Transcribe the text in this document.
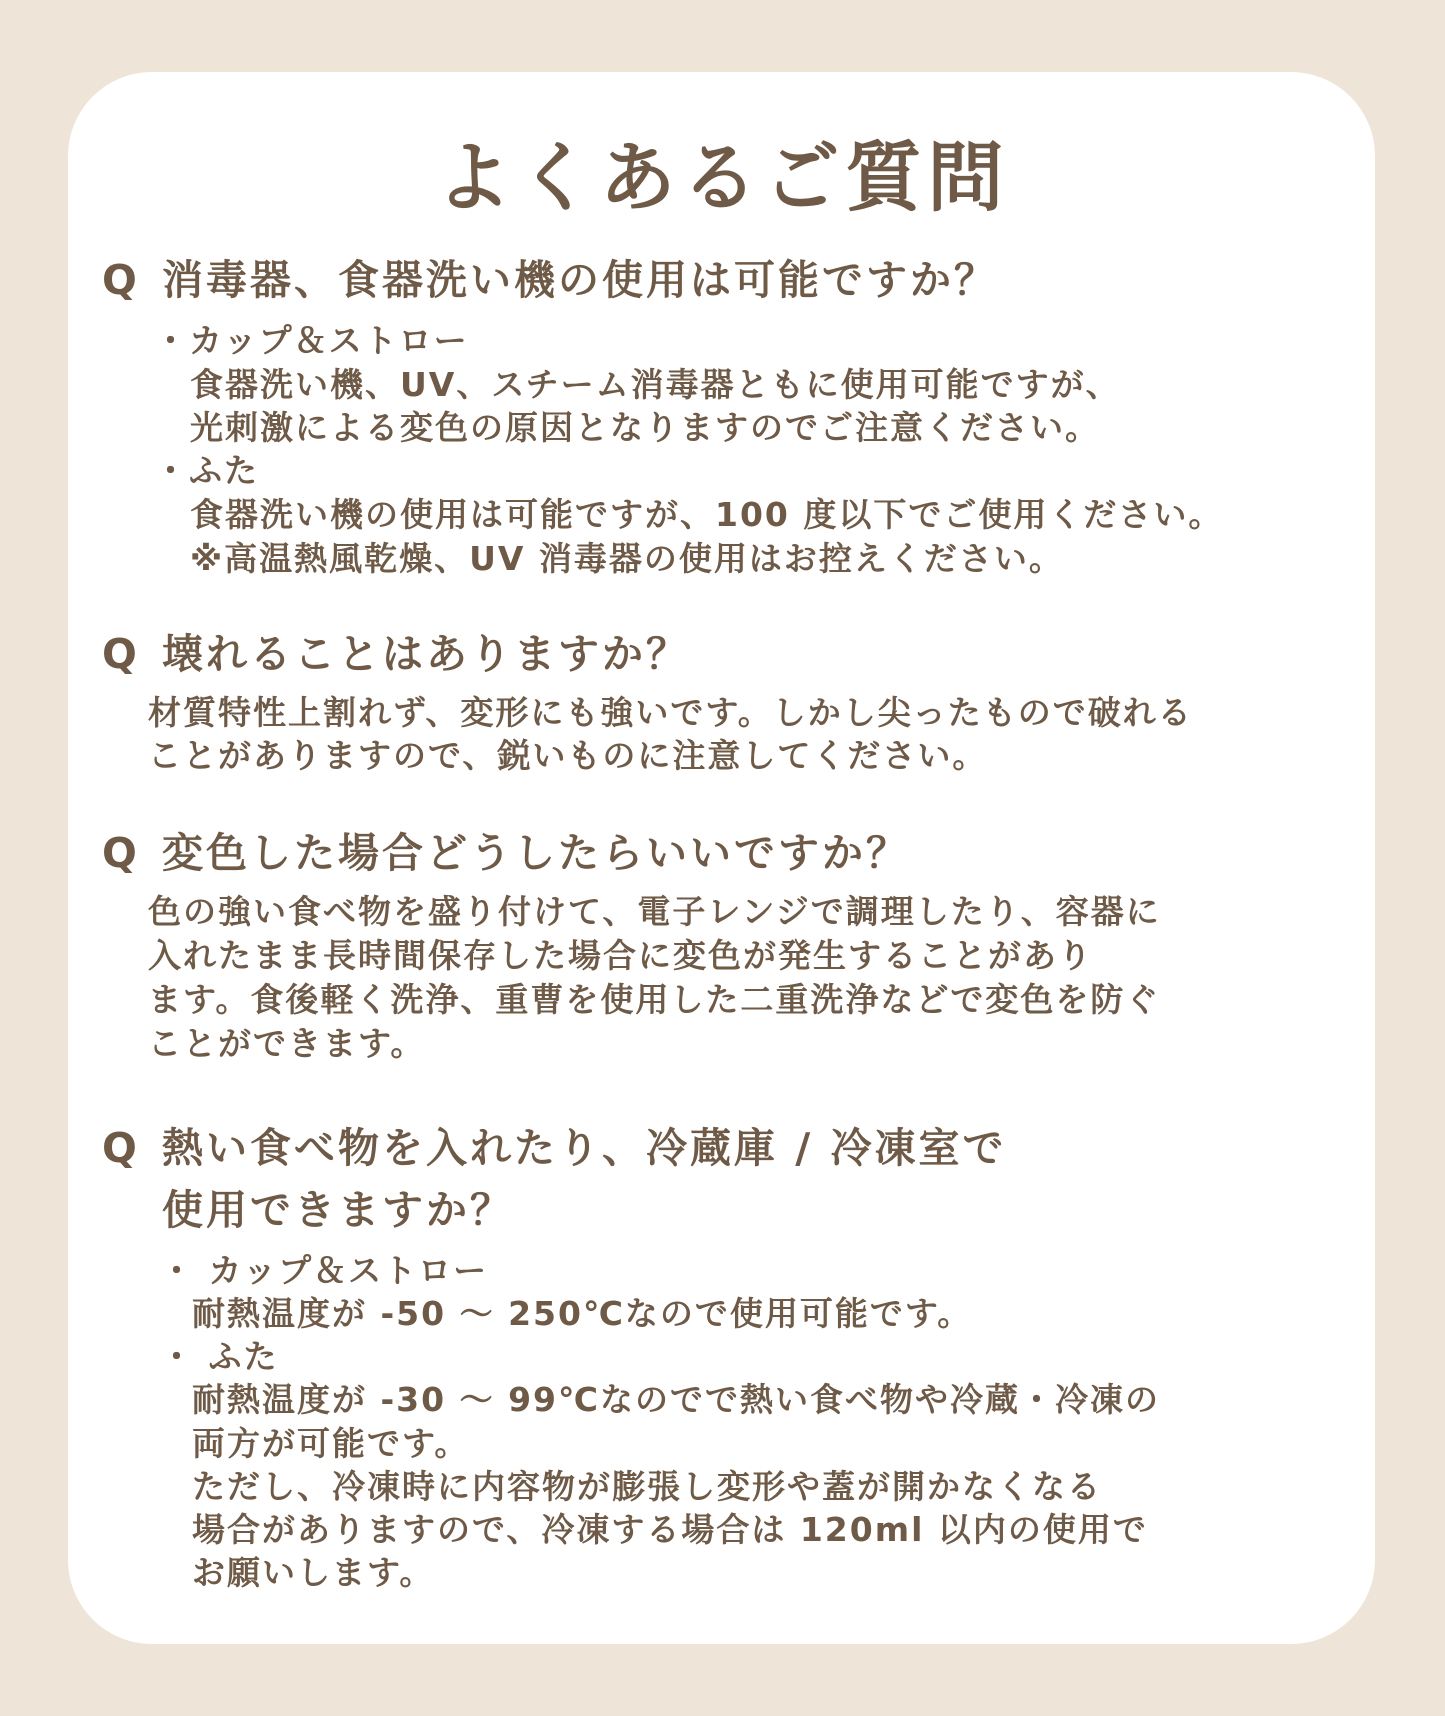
よくあるご質問
Q 消毒器、食器洗い機の使用は可能ですか？
・カップ＆ストロー
食器洗い機、UV、スチーム消毒器ともに使用可能ですが、
光刺激による変色の原因となりますのでご注意ください。
・ふた
食器洗い機の使用は可能ですが、100 度以下でご使用ください。
※高温熱風乾燥、UV 消毒器の使用はお控えください。
Q 壊れることはありますか？
材質特性上割れず、変形にも強いです。しかし尖ったもので破れる
ことがありますので、鋭いものに注意してください。
Q 変色した場合どうしたらいいですか？
色の強い食べ物を盛り付けて、電子レンジで調理したり、容器に
入れたまま長時間保存した場合に変色が発生することがあり
ます。食後軽く洗浄、重曹を使用した二重洗浄などで変色を防ぐ
ことができます。
Q 熱い食べ物を入れたり、冷蔵庫 / 冷凍室で
使用できますか？
・ カップ＆ストロー
耐熱温度が -50 ～ 250℃なので使用可能です。
・ ふた
耐熱温度が -30 ～ 99℃なのでで熱い食べ物や冷蔵・冷凍の
両方が可能です。
ただし、冷凍時に内容物が膨張し変形や蓋が開かなくなる
場合がありますので、冷凍する場合は 120ml 以内の使用で
お願いします。
